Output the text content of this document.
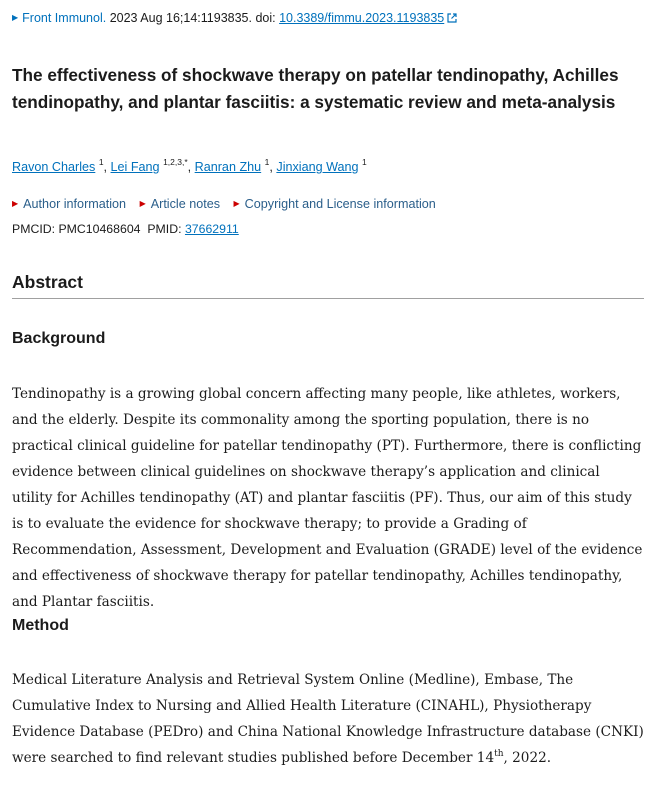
▶ Front Immunol. 2023 Aug 16;14:1193835. doi: 10.3389/fimmu.2023.1193835
The effectiveness of shockwave therapy on patellar tendinopathy, Achilles tendinopathy, and plantar fasciitis: a systematic review and meta-analysis
Ravon Charles $^1$, Lei Fang $^{1,2,3,*}$, Ranran Zhu $^1$, Jinxiang Wang $^1$
▶ Author information ▶ Article notes ▶ Copyright and License information
PMCID: PMC10468604 PMID: 37662911
Abstract
Background

Tendinopathy is a growing global concern affecting many people, like athletes, workers, and the elderly. Despite its commonality among the sporting population, there is no practical clinical guideline for patellar tendinopathy (PT). Furthermore, there is conflicting evidence between clinical guidelines on shockwave therapy’s application and clinical utility for Achilles tendinopathy (AT) and plantar fasciitis (PF). Thus, our aim of this study is to evaluate the evidence for shockwave therapy; to provide a Grading of Recommendation, Assessment, Development and Evaluation (GRADE) level of the evidence and effectiveness of shockwave therapy for patellar tendinopathy, Achilles tendinopathy, and Plantar fasciitis.

Method

Medical Literature Analysis and Retrieval System Online (Medline), Embase, The Cumulative Index to Nursing and Allied Health Literature (CINAHL), Physiotherapy Evidence Database (PEDro) and China National Knowledge Infrastructure database (CNKI) were searched to find relevant studies published before December 14th, 2022.
